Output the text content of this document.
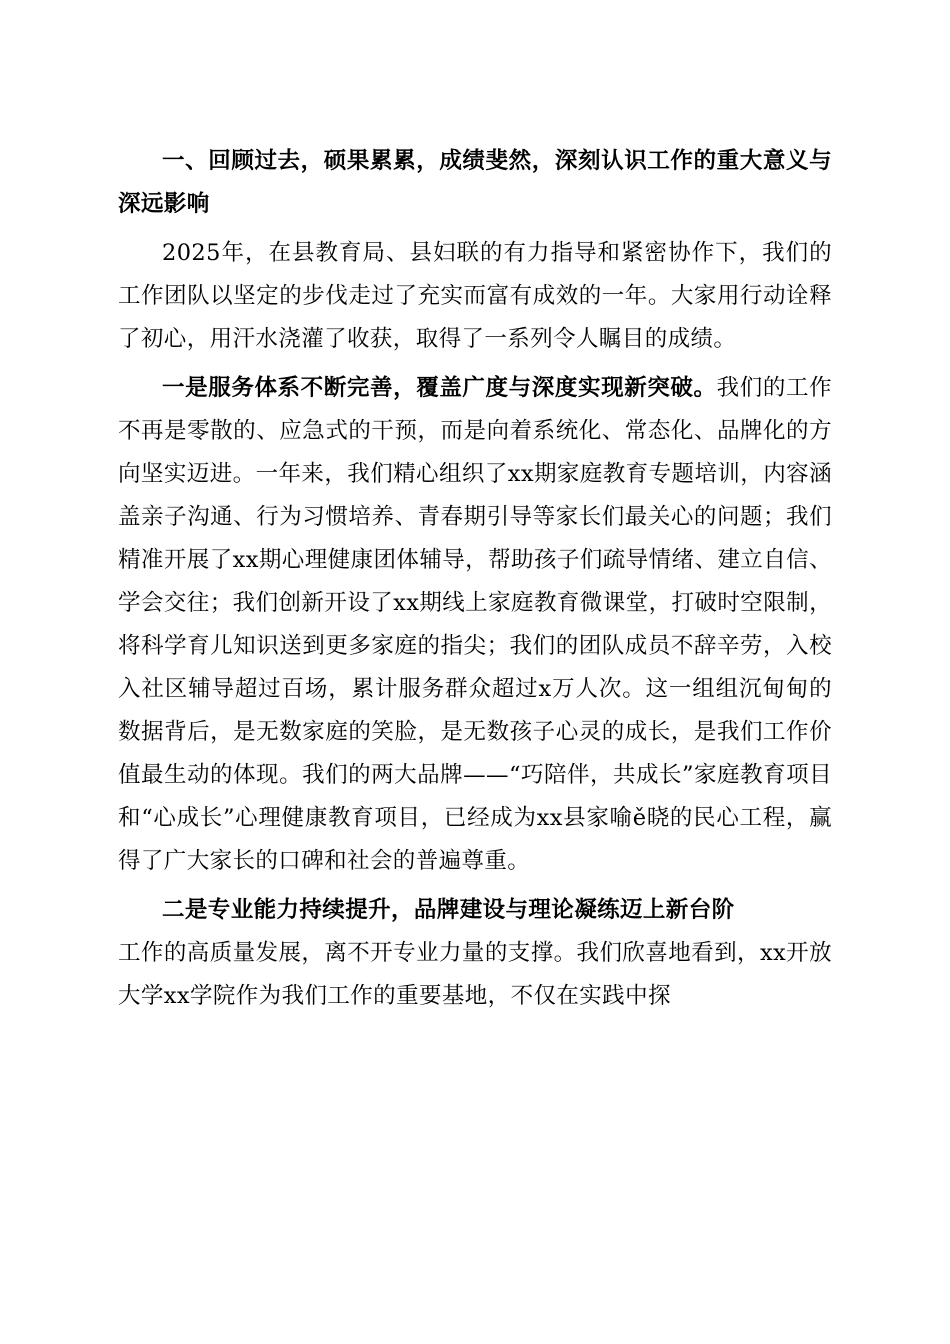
一、回顾过去，硕果累累，成绩斐然，深刻认识工作的重大意义与深远影响

2025年，在县教育局、县妇联的有力指导和紧密协作下，我们的工作团队以坚定的步伐走过了充实而富有成效的一年。大家用行动诠释了初心，用汗水浇灌了收获，取得了一系列令人瞩目的成绩。

一是服务体系不断完善，覆盖广度与深度实现新突破。我们的工作不再是零散的、应急式的干预，而是向着系统化、常态化、品牌化的方向坚实迈进。一年来，我们精心组织了xx期家庭教育专题培训，内容涵盖亲子沟通、行为习惯培养、青春期引导等家长们最关心的问题；我们精准开展了xx期心理健康团体辅导，帮助孩子们疏导情绪、建立自信、学会交往；我们创新开设了xx期线上家庭教育微课堂，打破时空限制，将科学育儿知识送到更多家庭的指尖；我们的团队成员不辞辛劳，入校入社区辅导超过百场，累计服务群众超过x万人次。这一组组沉甸甸的数据背后，是无数家庭的笑脸，是无数孩子心灵的成长，是我们工作价值最生动的体现。我们的两大品牌——“巧陪伴，共成长”家庭教育项目和“心成长”心理健康教育项目，已经成为xx县家喻ě晓的民心工程，赢得了广大家长的口碑和社会的普遍尊重。

二是专业能力持续提升，品牌建设与理论凝练迈上新台阶
工作的高质量发展，离不开专业力量的支撑。我们欣喜地看到，xx开放大学xx学院作为我们工作的重要基地，不仅在实践中探
